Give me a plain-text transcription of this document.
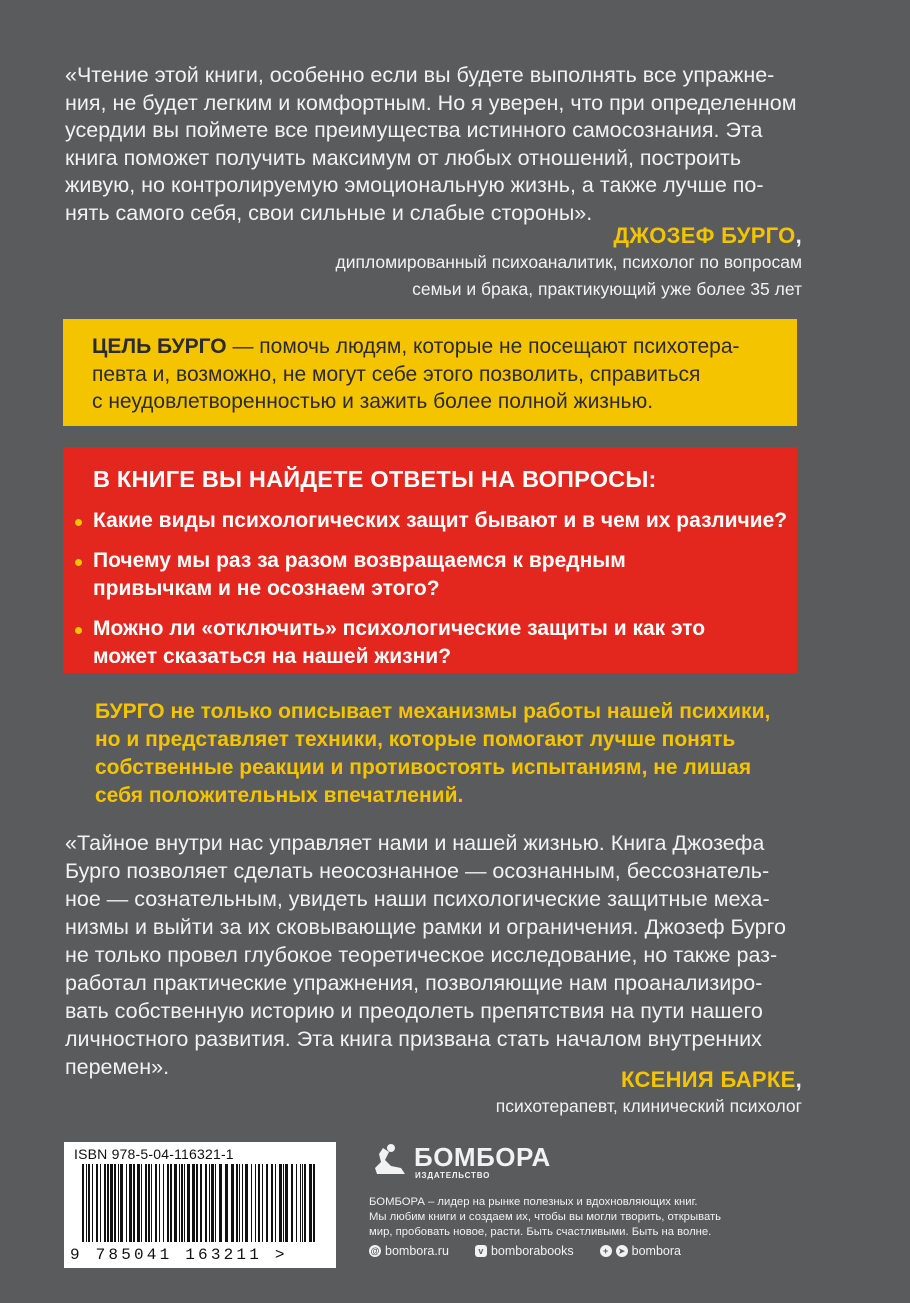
«Чтение этой книги, особенно если вы будете выполнять все упражне-
ния, не будет легким и комфортным. Но я уверен, что при определенном
усердии вы поймете все преимущества истинного самосознания. Эта
книга поможет получить максимум от любых отношений, построить
живую, но контролируемую эмоциональную жизнь, а также лучше по-
нять самого себя, свои сильные и слабые стороны».
ДЖОЗЕФ БУРГО,
дипломированный психоаналитик, психолог по вопросам
семьи и брака, практикующий уже более 35 лет
ЦЕЛЬ БУРГО — помочь людям, которые не посещают психотера-
певта и, возможно, не могут себе этого позволить, справиться
с неудовлетворенностью и зажить более полной жизнью.
В КНИГЕ ВЫ НАЙДЕТЕ ОТВЕТЫ НА ВОПРОСЫ:
Какие виды психологических защит бывают и в чем их различие?
Почему мы раз за разом возвращаемся к вредным
привычкам и не осознаем этого?
Можно ли «отключить» психологические защиты и как это
может сказаться на нашей жизни?
БУРГО не только описывает механизмы работы нашей психики,
но и представляет техники, которые помогают лучше понять
собственные реакции и противостоять испытаниям, не лишая
себя положительных впечатлений.
«Тайное внутри нас управляет нами и нашей жизнью. Книга Джозефа
Бурго позволяет сделать неосознанное — осознанным, бессознатель-
ное — сознательным, увидеть наши психологические защитные меха-
низмы и выйти за их сковывающие рамки и ограничения. Джозеф Бурго
не только провел глубокое теоретическое исследование, но также раз-
работал практические упражнения, позволяющие нам проанализиро-
вать собственную историю и преодолеть препятствия на пути нашего
личностного развития. Эта книга призвана стать началом внутренних
перемен».	КСЕНИЯ БАРКЕ,
психотерапевт, клинический психолог
ISBN 978-5-04-116321-1
9 785041 163211 >
БОМБОРА
ИЗДАТЕЛЬСТВО
БОМБОРА – лидер на рынке полезных и вдохновляющих книг.
Мы любим книги и создаем их, чтобы вы могли творить, открывать
мир, пробовать новое, расти. Быть счастливыми. Быть на волне.
@ bombora.ru	v bomborabooks	+	➤ bombora
